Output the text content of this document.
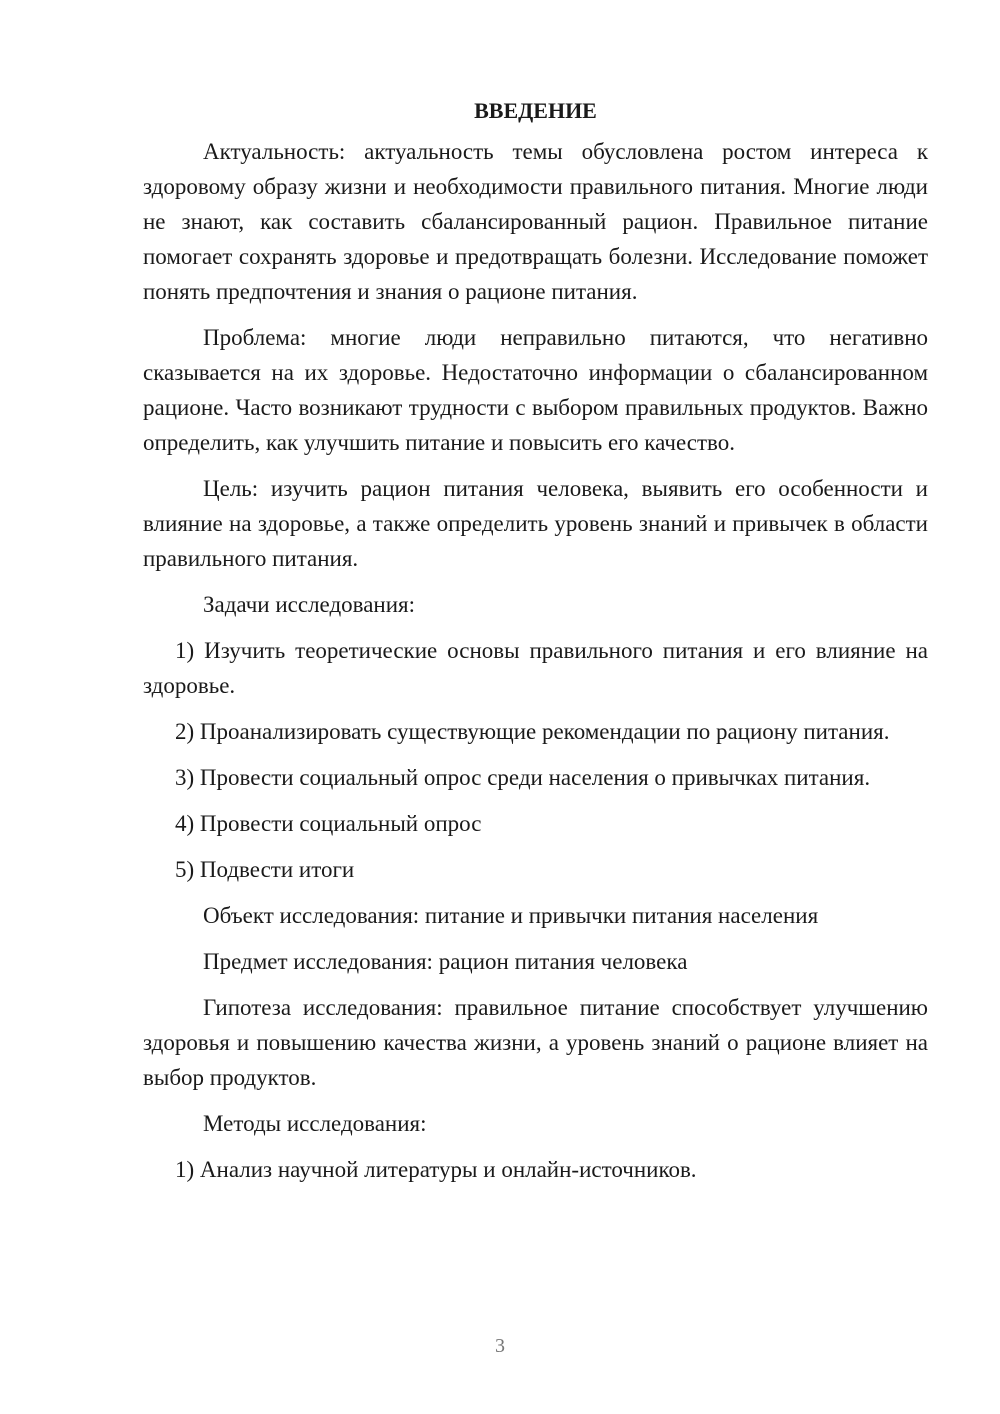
ВВЕДЕНИЕ

Актуальность: актуальность темы обусловлена ростом интереса к здоровому образу жизни и необходимости правильного питания. Многие люди не знают, как составить сбалансированный рацион. Правильное питание помогает сохранять здоровье и предотвращать болезни. Исследование поможет понять предпочтения и знания о рационе питания.

Проблема: многие люди неправильно питаются, что негативно сказывается на их здоровье. Недостаточно информации о сбалансированном рационе. Часто возникают трудности с выбором правильных продуктов. Важно определить, как улучшить питание и повысить его качество.

Цель: изучить рацион питания человека, выявить его особенности и влияние на здоровье, а также определить уровень знаний и привычек в области правильного питания.

Задачи исследования:

1) Изучить теоретические основы правильного питания и его влияние на здоровье.

2) Проанализировать существующие рекомендации по рациону питания.

3) Провести социальный опрос среди населения о привычках питания.

4) Провести социальный опрос

5) Подвести итоги

Объект исследования: питание и привычки питания населения

Предмет исследования: рацион питания человека

Гипотеза исследования: правильное питание способствует улучшению здоровья и повышению качества жизни, а уровень знаний о рационе влияет на выбор продуктов.

Методы исследования:

1) Анализ научной литературы и онлайн-источников.

3
